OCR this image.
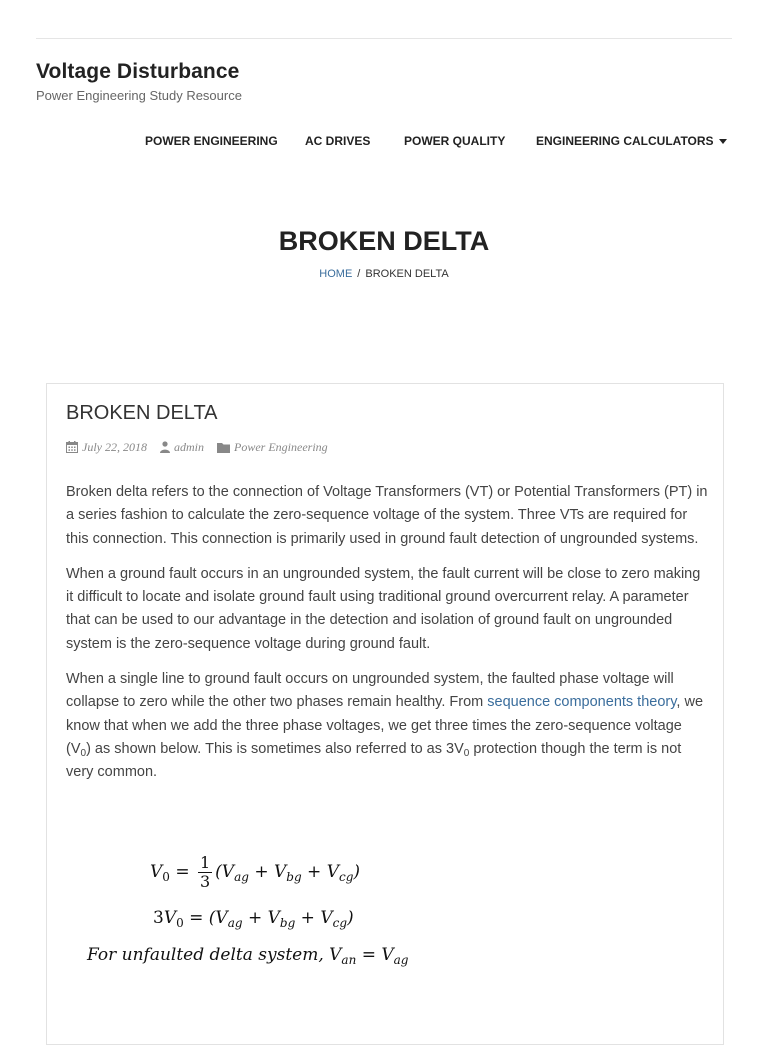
Voltage Disturbance
Power Engineering Study Resource
POWER ENGINEERING AC DRIVES	POWER QUALITY	ENGINEERING CALCULATORS
BROKEN DELTA
HOME / BROKEN DELTA
BROKEN DELTA
July 22, 2018 admin	Power Engineering

Broken delta refers to the connection of Voltage Transformers (VT) or Potential Transformers (PT) in a series fashion to calculate the zero-sequence voltage of the system. Three VTs are required for this connection. This connection is primarily used in ground fault detection of ungrounded systems.

When a ground fault occurs in an ungrounded system, the fault current will be close to zero making it difficult to locate and isolate ground fault using traditional ground overcurrent relay. A parameter that can be used to our advantage in the detection and isolation of ground fault on ungrounded system is the zero-sequence voltage during ground fault.

When a single line to ground fault occurs on ungrounded system, the faulted phase voltage will collapse to zero while the other two phases remain healthy. From sequence components theory, we know that when we add the three phase voltages, we get three times the zero-sequence voltage $(V_0)$ as shown below. This is sometimes also referred to as $3V_0$ protection though the term is not very common.

$V_0 = \frac{1}{3} (V_{ag} + V_{bg} + V_{cg})$
$3V_0 = (V_{ag} + V_{bg} + V_{cg})$
For unfaulted delta system, $V_{an} = V_{ag}$
